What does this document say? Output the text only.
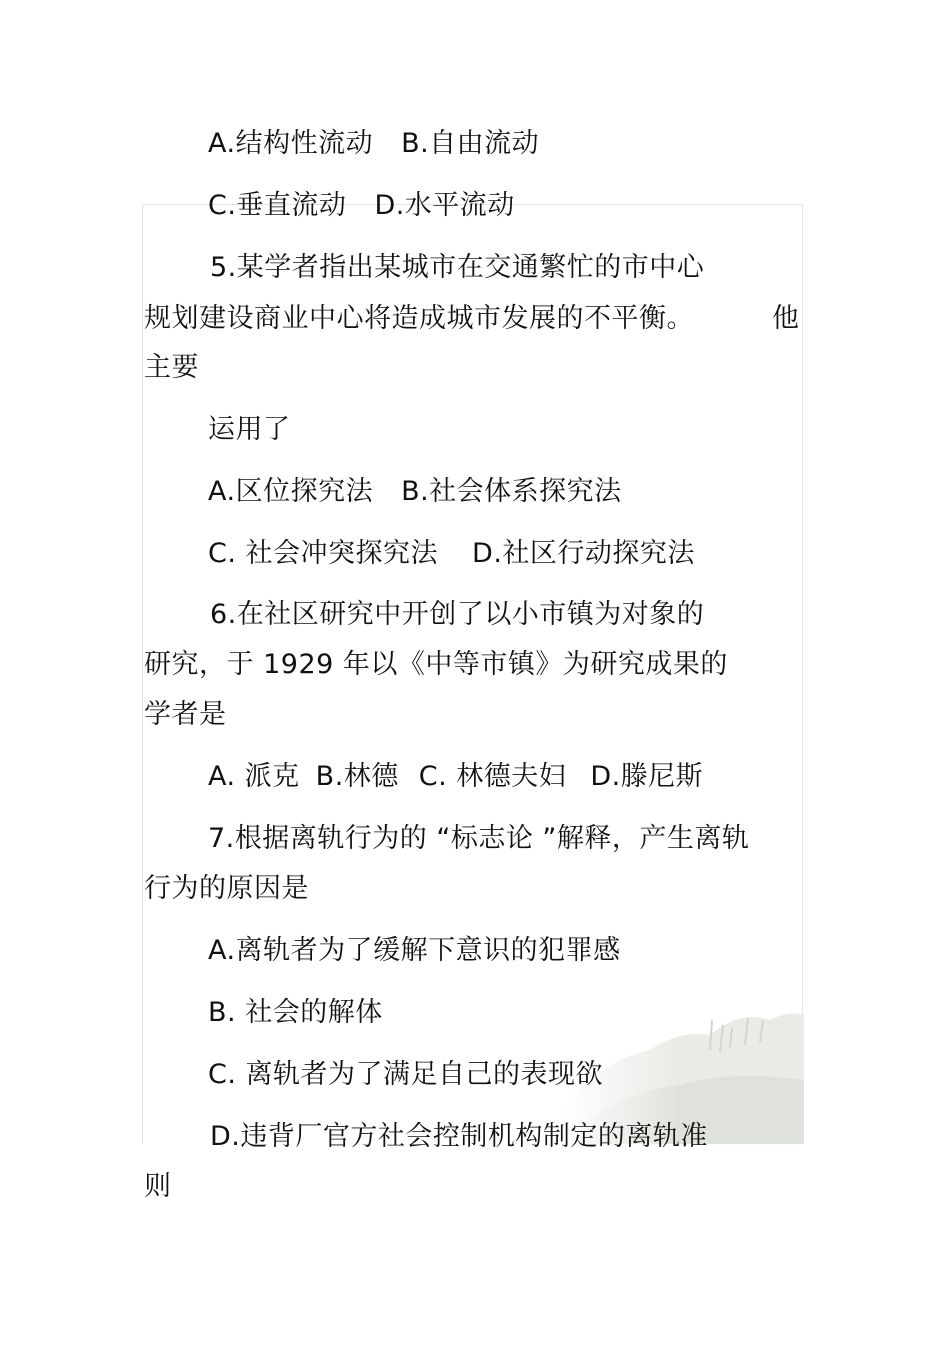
A.结构性流动 B.自由流动
C.垂直流动 D.水平流动
5.某学者指出某城市在交通繁忙的市中心
规划建设商业中心将造成城市发展的不平衡。	他
主要
运用了
A.区位探究法 B.社会体系探究法
C. 社会冲突探究法 D.社区行动探究法
6.在社区研究中开创了以小市镇为对象的
研究，于 1929 年以《中等市镇》为研究成果的
学者是
A. 派克 B.林德 C. 林德夫妇 D.滕尼斯
7.根据离轨行为的 “标志论 ”解释，产生离轨
行为的原因是
A.离轨者为了缓解下意识的犯罪感
B. 社会的解体
C. 离轨者为了满足自己的表现欲
D.违背厂官方社会控制机构制定的离轨准
则
